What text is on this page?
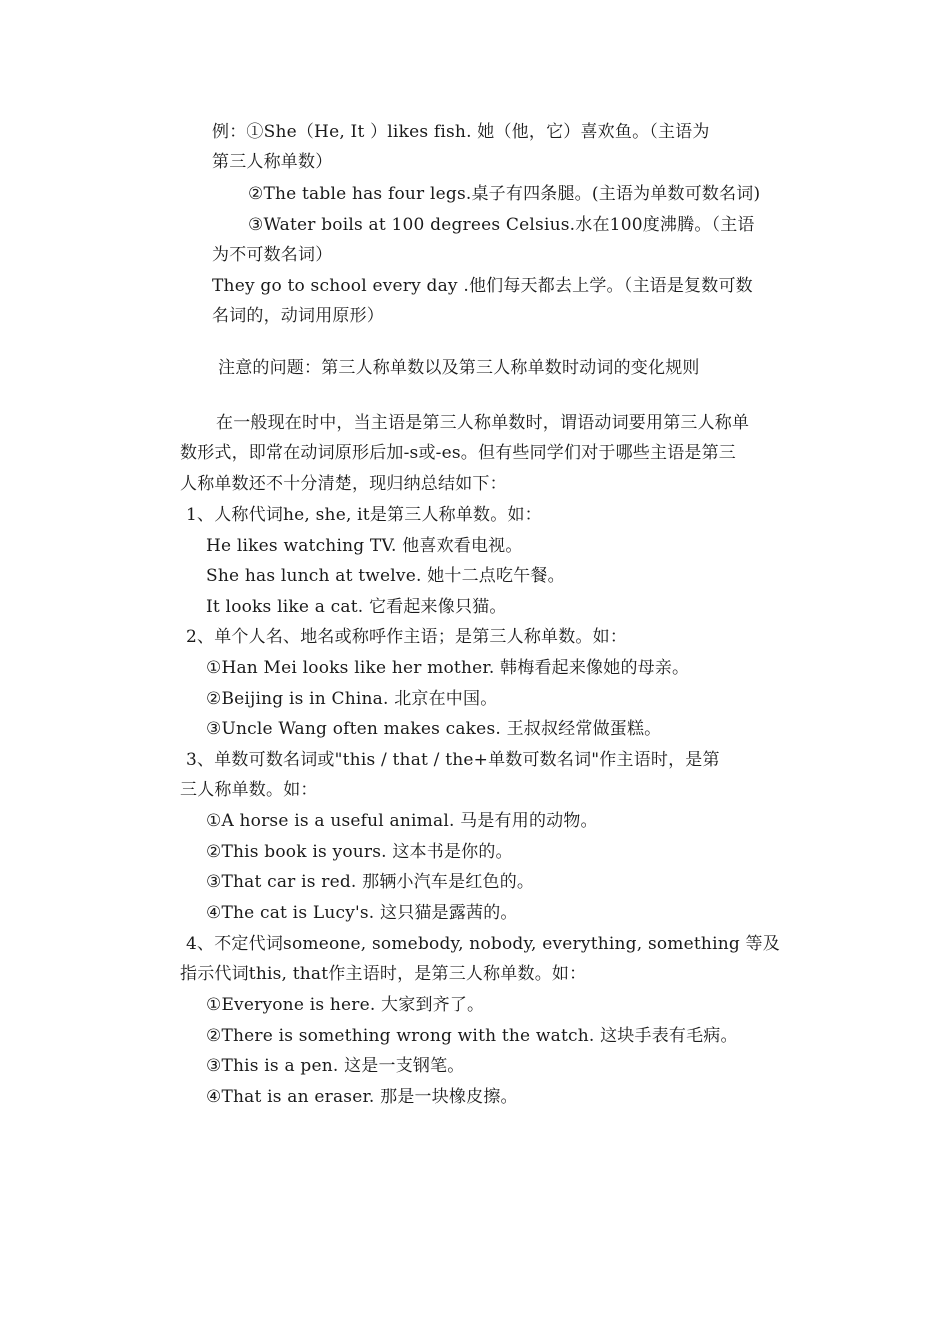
例：①She（He, It ）likes fish. 她（他，它）喜欢鱼。（主语为
第三人称单数）
②The table has four legs.桌子有四条腿。(主语为单数可数名词)
③Water boils at 100 degrees Celsius.水在100度沸腾。（主语
为不可数名词）
They go to school every day .他们每天都去上学。（主语是复数可数
名词的，动词用原形）
注意的问题：第三人称单数以及第三人称单数时动词的变化规则
在一般现在时中，当主语是第三人称单数时，谓语动词要用第三人称单
数形式，即常在动词原形后加-s或-es。但有些同学们对于哪些主语是第三
人称单数还不十分清楚，现归纳总结如下：
1、人称代词he, she, it是第三人称单数。如：
He likes watching TV. 他喜欢看电视。
She has lunch at twelve. 她十二点吃午餐。
It looks like a cat. 它看起来像只猫。
2、单个人名、地名或称呼作主语；是第三人称单数。如：
①Han Mei looks like her mother. 韩梅看起来像她的母亲。
②Beijing is in China. 北京在中国。
③Uncle Wang often makes cakes. 王叔叔经常做蛋糕。
3、单数可数名词或"this / that / the+单数可数名词"作主语时，是第
三人称单数。如：
①A horse is a useful animal. 马是有用的动物。
②This book is yours. 这本书是你的。
③That car is red. 那辆小汽车是红色的。
④The cat is Lucy's. 这只猫是露茜的。
4、不定代词someone, somebody, nobody, everything, something 等及
指示代词this, that作主语时，是第三人称单数。如：
①Everyone is here. 大家到齐了。
②There is something wrong with the watch. 这块手表有毛病。
③This is a pen. 这是一支钢笔。
④That is an eraser. 那是一块橡皮擦。
